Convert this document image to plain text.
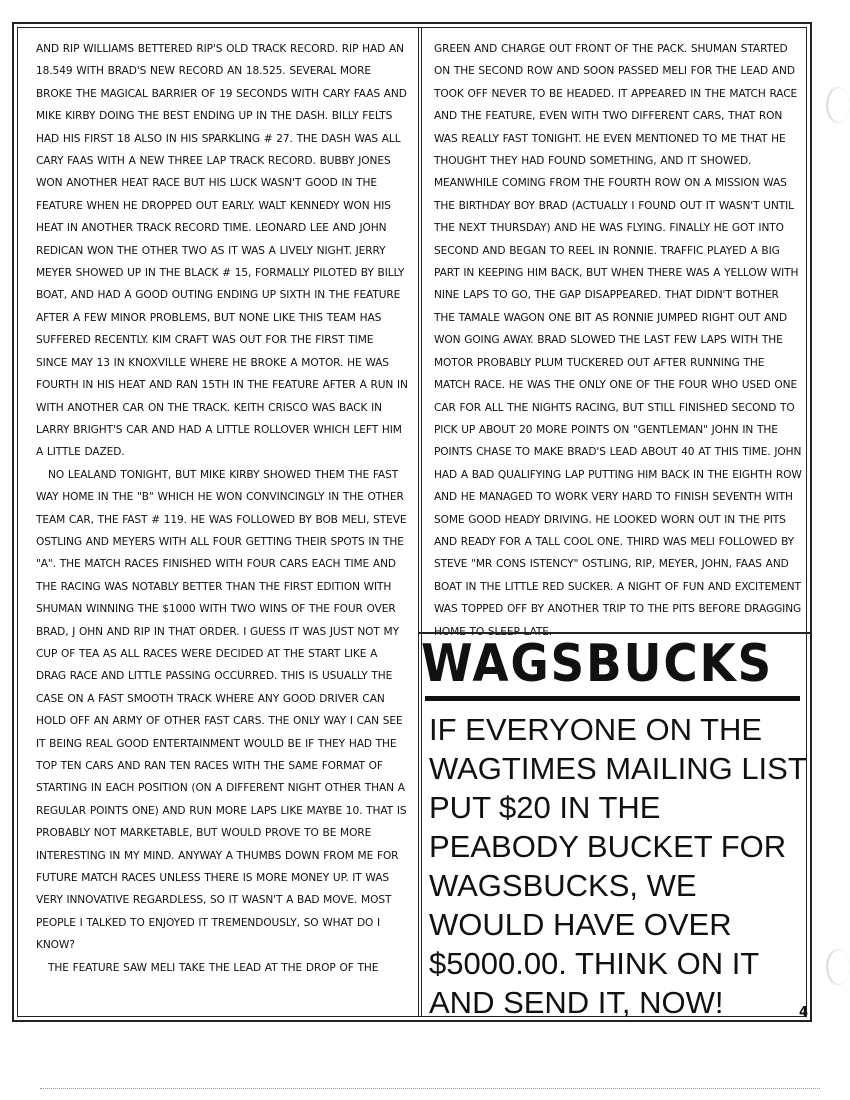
AND RIP WILLIAMS BETTERED RIP'S OLD TRACK RECORD. RIP HAD AN 18.549 WITH BRAD'S NEW RECORD AN 18.525. SEVERAL MORE BROKE THE MAGICAL BARRIER OF 19 SECONDS WITH CARY FAAS AND MIKE KIRBY DOING THE BEST ENDING UP IN THE DASH. BILLY FELTS HAD HIS FIRST 18 ALSO IN HIS SPARKLING # 27. THE DASH WAS ALL CARY FAAS WITH A NEW THREE LAP TRACK RECORD. BUBBY JONES WON ANOTHER HEAT RACE BUT HIS LUCK WASN'T GOOD IN THE FEATURE WHEN HE DROPPED OUT EARLY. WALT KENNEDY WON HIS HEAT IN ANOTHER TRACK RECORD TIME. LEONARD LEE AND JOHN REDICAN WON THE OTHER TWO AS IT WAS A LIVELY NIGHT. JERRY MEYER SHOWED UP IN THE BLACK # 15, FORMALLY PILOTED BY BILLY BOAT, AND HAD A GOOD OUTING ENDING UP SIXTH IN THE FEATURE AFTER A FEW MINOR PROBLEMS, BUT NONE LIKE THIS TEAM HAS SUFFERED RECENTLY. KIM CRAFT WAS OUT FOR THE FIRST TIME SINCE MAY 13 IN KNOXVILLE WHERE HE BROKE A MOTOR. HE WAS FOURTH IN HIS HEAT AND RAN 15TH IN THE FEATURE AFTER A RUN IN WITH ANOTHER CAR ON THE TRACK. KEITH CRISCO WAS BACK IN LARRY BRIGHT'S CAR AND HAD A LITTLE ROLLOVER WHICH LEFT HIM A LITTLE DAZED.

NO LEALAND TONIGHT, BUT MIKE KIRBY SHOWED THEM THE FAST WAY HOME IN THE "B" WHICH HE WON CONVINCINGLY IN THE OTHER TEAM CAR, THE FAST # 119. HE WAS FOLLOWED BY BOB MELI, STEVE OSTLING AND MEYERS WITH ALL FOUR GETTING THEIR SPOTS IN THE "A". THE MATCH RACES FINISHED WITH FOUR CARS EACH TIME AND THE RACING WAS NOTABLY BETTER THAN THE FIRST EDITION WITH SHUMAN WINNING THE $1000 WITH TWO WINS OF THE FOUR OVER BRAD, J OHN AND RIP IN THAT ORDER. I GUESS IT WAS JUST NOT MY CUP OF TEA AS ALL RACES WERE DECIDED AT THE START LIKE A DRAG RACE AND LITTLE PASSING OCCURRED. THIS IS USUALLY THE CASE ON A FAST SMOOTH TRACK WHERE ANY GOOD DRIVER CAN HOLD OFF AN ARMY OF OTHER FAST CARS. THE ONLY WAY I CAN SEE IT BEING REAL GOOD ENTERTAINMENT WOULD BE IF THEY HAD THE TOP TEN CARS AND RAN TEN RACES WITH THE SAME FORMAT OF STARTING IN EACH POSITION (ON A DIFFERENT NIGHT OTHER THAN A REGULAR POINTS ONE) AND RUN MORE LAPS LIKE MAYBE 10. THAT IS PROBABLY NOT MARKETABLE, BUT WOULD PROVE TO BE MORE INTERESTING IN MY MIND. ANYWAY A THUMBS DOWN FROM ME FOR FUTURE MATCH RACES UNLESS THERE IS MORE MONEY UP. IT WAS VERY INNOVATIVE REGARDLESS, SO IT WASN'T A BAD MOVE. MOST PEOPLE I TALKED TO ENJOYED IT TREMENDOUSLY, SO WHAT DO I KNOW?

THE FEATURE SAW MELI TAKE THE LEAD AT THE DROP OF THE

GREEN AND CHARGE OUT FRONT OF THE PACK. SHUMAN STARTED ON THE SECOND ROW AND SOON PASSED MELI FOR THE LEAD AND TOOK OFF NEVER TO BE HEADED. IT APPEARED IN THE MATCH RACE AND THE FEATURE, EVEN WITH TWO DIFFERENT CARS, THAT RON WAS REALLY FAST TONIGHT. HE EVEN MENTIONED TO ME THAT HE THOUGHT THEY HAD FOUND SOMETHING, AND IT SHOWED. MEANWHILE COMING FROM THE FOURTH ROW ON A MISSION WAS THE BIRTHDAY BOY BRAD (ACTUALLY I FOUND OUT IT WASN'T UNTIL THE NEXT THURSDAY) AND HE WAS FLYING. FINALLY HE GOT INTO SECOND AND BEGAN TO REEL IN RONNIE. TRAFFIC PLAYED A BIG PART IN KEEPING HIM BACK, BUT WHEN THERE WAS A YELLOW WITH NINE LAPS TO GO, THE GAP DISAPPEARED. THAT DIDN'T BOTHER THE TAMALE WAGON ONE BIT AS RONNIE JUMPED RIGHT OUT AND WON GOING AWAY. BRAD SLOWED THE LAST FEW LAPS WITH THE MOTOR PROBABLY PLUM TUCKERED OUT AFTER RUNNING THE MATCH RACE. HE WAS THE ONLY ONE OF THE FOUR WHO USED ONE CAR FOR ALL THE NIGHTS RACING, BUT STILL FINISHED SECOND TO PICK UP ABOUT 20 MORE POINTS ON "GENTLEMAN" JOHN IN THE POINTS CHASE TO MAKE BRAD'S LEAD ABOUT 40 AT THIS TIME. JOHN HAD A BAD QUALIFYING LAP PUTTING HIM BACK IN THE EIGHTH ROW AND HE MANAGED TO WORK VERY HARD TO FINISH SEVENTH WITH SOME GOOD HEADY DRIVING. HE LOOKED WORN OUT IN THE PITS AND READY FOR A TALL COOL ONE. THIRD WAS MELI FOLLOWED BY STEVE "MR CONS ISTENCY" OSTLING, RIP, MEYER, JOHN, FAAS AND BOAT IN THE LITTLE RED SUCKER. A NIGHT OF FUN AND EXCITEMENT WAS TOPPED OFF BY ANOTHER TRIP TO THE PITS BEFORE DRAGGING HOME TO SLEEP LATE.

WAGSBUCKS
IF EVERYONE ON THE WAGTIMES MAILING LIST PUT $20 IN THE PEABODY BUCKET FOR WAGSBUCKS, WE WOULD HAVE OVER $5000.00. THINK ON IT AND SEND IT, NOW!	4
